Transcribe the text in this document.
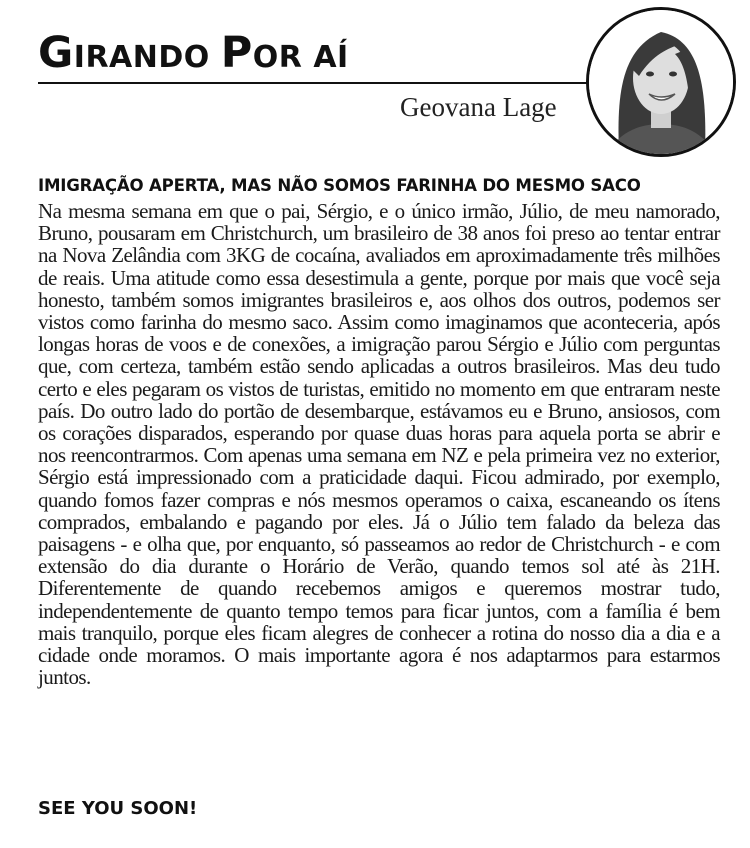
GIRANDO POR AÍ
Geovana Lage
IMIGRAÇÃO APERTA, MAS NÃO SOMOS FARINHA DO MESMO SACO

Na mesma semana em que o pai, Sérgio, e o único irmão, Júlio, de meu namorado, Bruno, pousaram em Christchurch, um brasileiro de 38 anos foi preso ao tentar entrar na Nova Zelândia com 3KG de cocaína, avaliados em aproximadamente três milhões de reais. Uma atitude como essa desestimula a gente, porque por mais que você seja honesto, também somos imigrantes brasileiros e, aos olhos dos outros, podemos ser vistos como farinha do mesmo saco. Assim como imaginamos que aconteceria, após longas horas de voos e de conexões, a imigração parou Sérgio e Júlio com perguntas que, com certeza, também estão sendo aplicadas a outros brasileiros. Mas deu tudo certo e eles pegaram os vistos de turistas, emitido no momento em que entraram neste país. Do outro lado do portão de desembarque, estávamos eu e Bruno, ansiosos, com os corações disparados, esperando por quase duas horas para aquela porta se abrir e nos reencontrarmos. Com apenas uma semana em NZ e pela primeira vez no exterior, Sérgio está impressionado com a praticidade daqui. Ficou admirado, por exemplo, quando fomos fazer compras e nós mesmos operamos o caixa, escaneando os ítens comprados, embalando e pagando por eles. Já o Júlio tem falado da beleza das paisagens - e olha que, por enquanto, só passeamos ao redor de Christchurch - e com extensão do dia durante o Horário de Verão, quando temos sol até às 21H. Diferentemente de quando recebemos amigos e queremos mostrar tudo, independentemente de quanto tempo temos para ficar juntos, com a família é bem mais tranquilo, porque eles ficam alegres de conhecer a rotina do nosso dia a dia e a cidade onde moramos. O mais importante agora é nos adaptarmos para estarmos juntos.

SEE YOU SOON!
